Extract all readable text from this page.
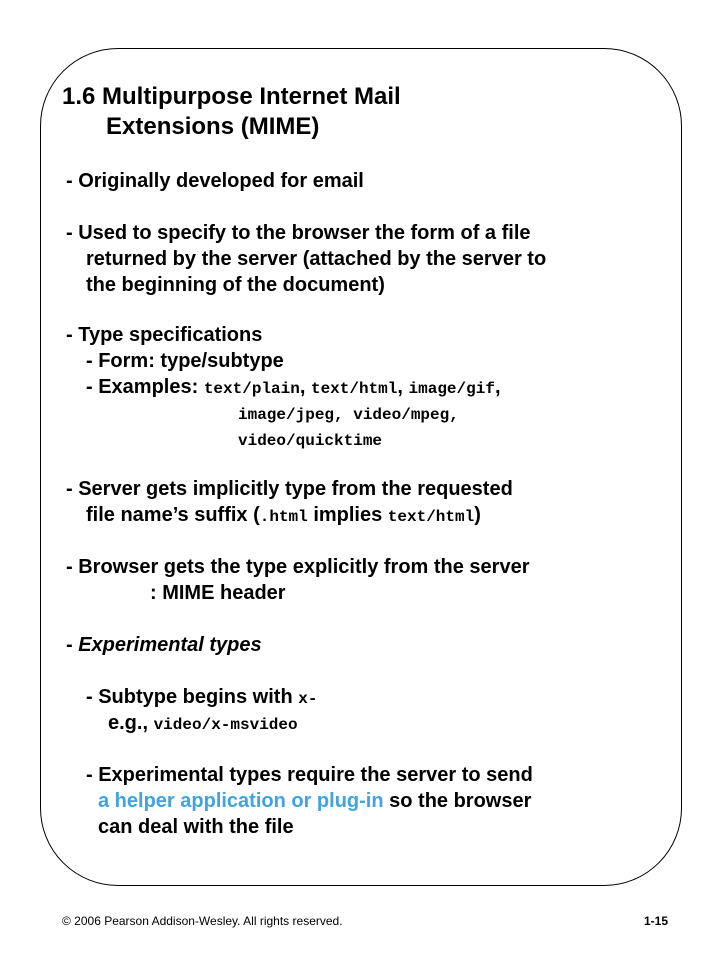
1.6 Multipurpose Internet Mail
Extensions (MIME)

- Originally developed for email

- Used to specify to the browser the form of a file

returned by the server (attached by the server to

the beginning of the document)

- Type specifications

- Form: type/subtype

- Examples: text/plain, text/html, image/gif,

image/jpeg, video/mpeg,

video/quicktime

- Server gets implicitly type from the requested

file name’s suffix (.html implies text/html)

- Browser gets the type explicitly from the server

: MIME header

- Experimental types

- Subtype begins with x-

e.g., video/x-msvideo

- Experimental types require the server to send

a helper application or plug-in so the browser

can deal with the file

© 2006 Pearson Addison-Wesley. All rights reserved.	1-15
